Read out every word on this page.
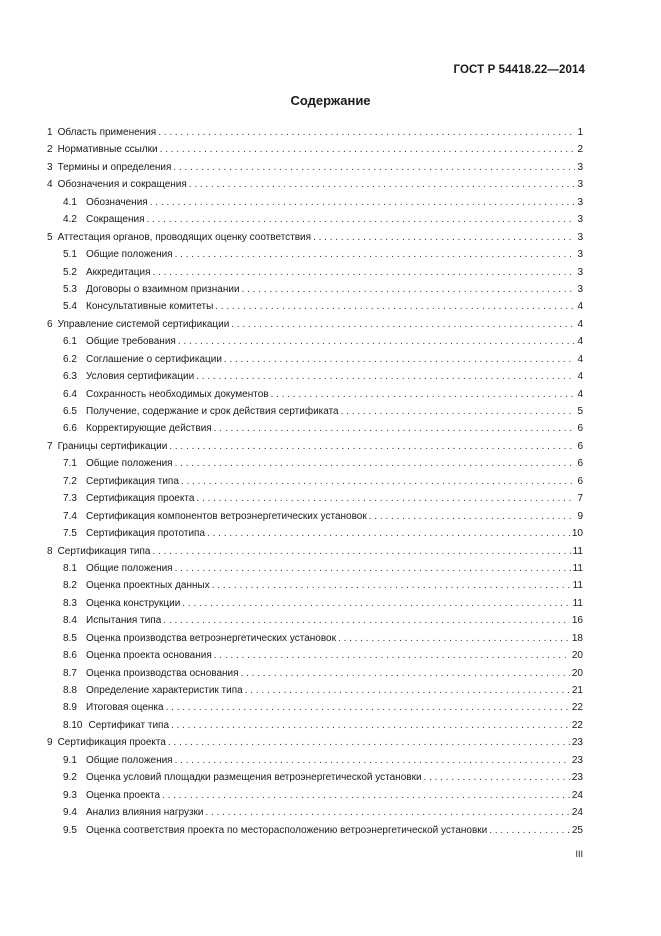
ГОСТ Р 54418.22—2014
Содержание
1 Область применения . . .	1
2 Нормативные ссылки . . .	2
3 Термины и определения . . .	3
4 Обозначения и сокращения . . .	3
4.1 Обозначения . . .	3
4.2 Сокращения . . .	3
5 Аттестация органов, проводящих оценку соответствия . . .	3
5.1 Общие положения . . .	3
5.2 Аккредитация . . .	3
5.3 Договоры о взаимном признании . . .	3
5.4 Консультативные комитеты . . .	4
6 Управление системой сертификации . . .	4
6.1 Общие требования . . .	4
6.2 Соглашение о сертификации . . .	4
6.3 Условия сертификации . . .	4
6.4 Сохранность необходимых документов . . .	4
6.5 Получение, содержание и срок действия сертификата . . .	5
6.6 Корректирующие действия . . .	6
7 Границы сертификации . . .	6
7.1 Общие положения . . .	6
7.2 Сертификация типа . . .	6
7.3 Сертификация проекта . . .	7
7.4 Сертификация компонентов ветроэнергетических установок . . .	9
7.5 Сертификация прототипа . . .	10
8 Сертификация типа . . .	11
8.1 Общие положения . . .	11
8.2 Оценка проектных данных . . .	11
8.3 Оценка конструкции . . .	11
8.4 Испытания типа . . .	16
8.5 Оценка производства ветроэнергетических установок . . .	18
8.6 Оценка проекта основания . . .	20
8.7 Оценка производства основания . . .	20
8.8 Определение характеристик типа . . .	21
8.9 Итоговая оценка . . .	22
8.10 Сертификат типа . . .	22
9 Сертификация проекта . . .	23
9.1 Общие положения . . .	23
9.2 Оценка условий площадки размещения ветроэнергетической установки . . .	23
9.3 Оценка проекта . . .	24
9.4 Анализ влияния нагрузки . . .	24
9.5 Оценка соответствия проекта по месторасположению ветроэнергетической установки . . .	25
III
